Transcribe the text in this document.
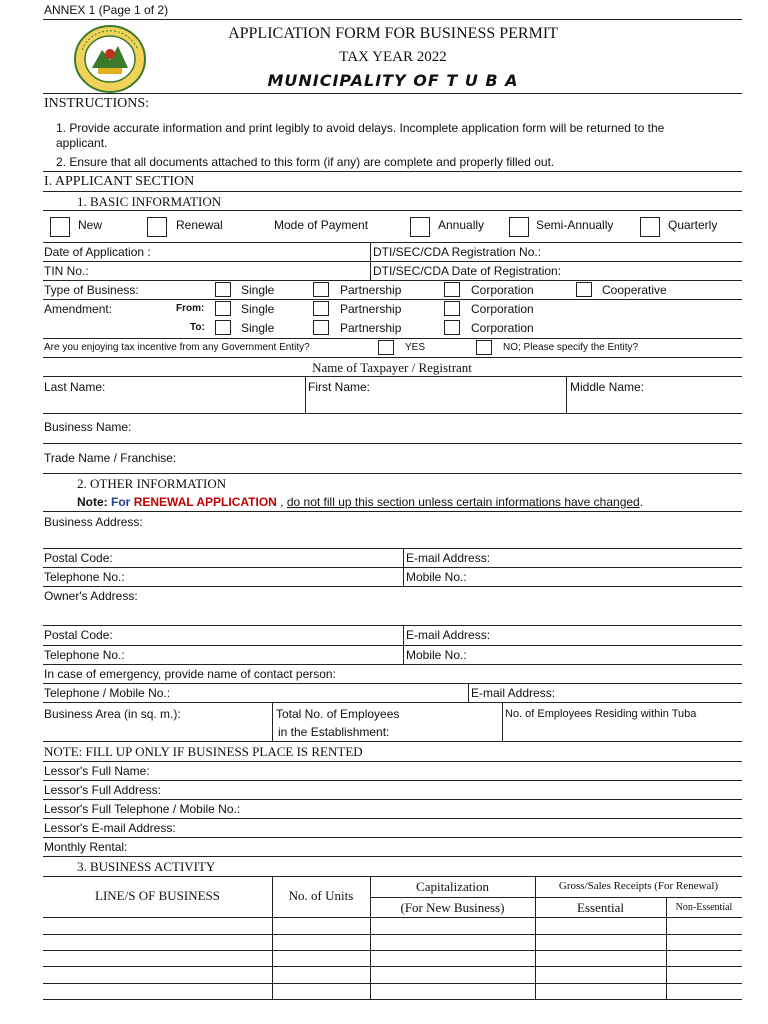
ANNEX 1 (Page 1 of 2)
APPLICATION FORM FOR BUSINESS PERMIT
TAX YEAR 2022
MUNICIPALITY OF T U B A
INSTRUCTIONS:
1. Provide accurate information and print legibly to avoid delays. Incomplete application form will be returned to the
applicant.
2. Ensure that all documents attached to this form (if any) are complete and properly filled out.
I. APPLICANT SECTION
1. BASIC INFORMATION
New	Renewal	Mode of Payment	Annually	Semi-Annually	Quarterly
Date of Application :	DTI/SEC/CDA Registration No.:
TIN No.:	DTI/SEC/CDA Date of Registration:
Type of Business:	Single	Partnership	Corporation	Cooperative
Amendment:	From:	Single	Partnership	Corporation
To:	Single	Partnership	Corporation
Are you enjoying tax incentive from any Government Entity?	YES	NO; Please specify the Entity?
Name of Taxpayer / Registrant
Last Name:	First Name:	Middle Name:
Business Name:
Trade Name / Franchise:
2. OTHER INFORMATION
Note: For RENEWAL APPLICATION , do not fill up this section unless certain informations have changed.
Business Address:
Postal Code:	E-mail Address:
Telephone No.:	Mobile No.:
Owner's Address:
Postal Code:	E-mail Address:
Telephone No.:	Mobile No.:
In case of emergency, provide name of contact person:
Telephone / Mobile No.:	E-mail Address:
Business Area (in sq. m.):	Total No. of Employees
in the Establishment:
No. of Employees Residing within Tuba
NOTE: FILL UP ONLY IF BUSINESS PLACE IS RENTED
Lessor's Full Name:
Lessor's Full Address:
Lessor's Full Telephone / Mobile No.:
Lessor's E-mail Address:
Monthly Rental:
3. BUSINESS ACTIVITY
LINE/S OF BUSINESS	No. of Units
Capitalization
(For New Business)
Gross/Sales Receipts (For Renewal)
Essential	Non-Essential
